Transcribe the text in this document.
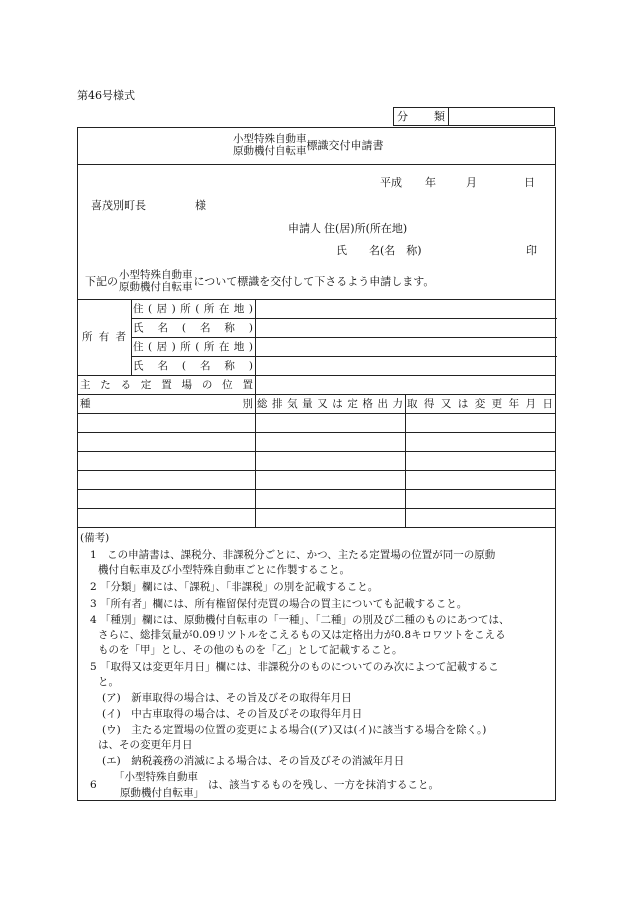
第46号様式
分類
小型特殊自動車
原動機付自転車 標識交付申請書
平成 年	月	日
喜茂別町長	様
申請人 住(居)所(所在地)
氏　　名(名　称)	印
下記の 小型特殊自動車
原動機付自転車 について標識を交付して下さるよう申請します。
所有者
住(居)所(所在地)
氏名(名称)
住(居)所(所在地)
氏名(名称)
主たる定置場の位置
種別 総排気量又は定格出力 取得又は変更年月日
(備考)
1　この申請書は、課税分、非課税分ごとに、かつ、主たる定置場の位置が同一の原動
機付自転車及び小型特殊自動車ごとに作製すること。
2 「分類」欄には、「課税」、「非課税」の別を記載すること。
3 「所有者」欄には、所有権留保付売買の場合の買主についても記載すること。
4 「種別」欄には、原動機付自転車の「一種」、「二種」の別及び二種のものにあつては、
さらに、総排気量が0.09リツトルをこえるもの又は定格出力が0.8キロワツトをこえる
ものを「甲」とし、その他のものを「乙」として記載すること。
5 「取得又は変更年月日」欄には、非課税分のものについてのみ次によつて記載するこ
と。
(ア)　新車取得の場合は、その旨及びその取得年月日
(イ)　中古車取得の場合は、その旨及びその取得年月日
(ウ)　主たる定置場の位置の変更による場合((ア)又は(イ)に該当する場合を除く。)
は、その変更年月日
(エ)　納税義務の消滅による場合は、その旨及びその消滅年月日
6
「小型特殊自動車
原動機付自転車」
は、該当するものを残し、一方を抹消すること。
